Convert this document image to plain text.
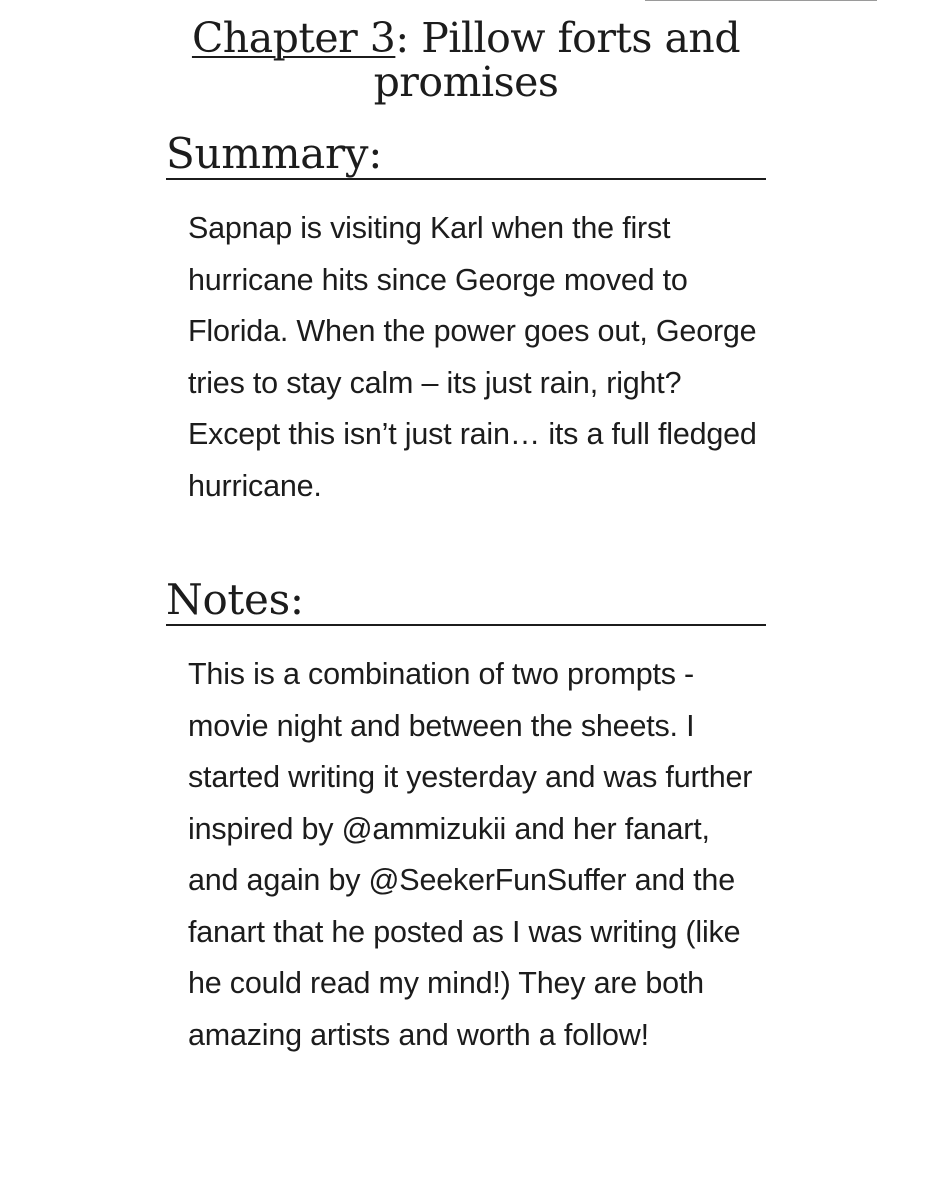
Chapter 3: Pillow forts and promises
Summary:

Sapnap is visiting Karl when the first hurricane hits since George moved to Florida. When the power goes out, George tries to stay calm – its just rain, right? Except this isn’t just rain… its a full fledged hurricane.

Notes:

This is a combination of two prompts - movie night and between the sheets. I started writing it yesterday and was further inspired by @ammizukii and her fanart, and again by @SeekerFunSuffer and the fanart that he posted as I was writing (like he could read my mind!) They are both amazing artists and worth a follow!
